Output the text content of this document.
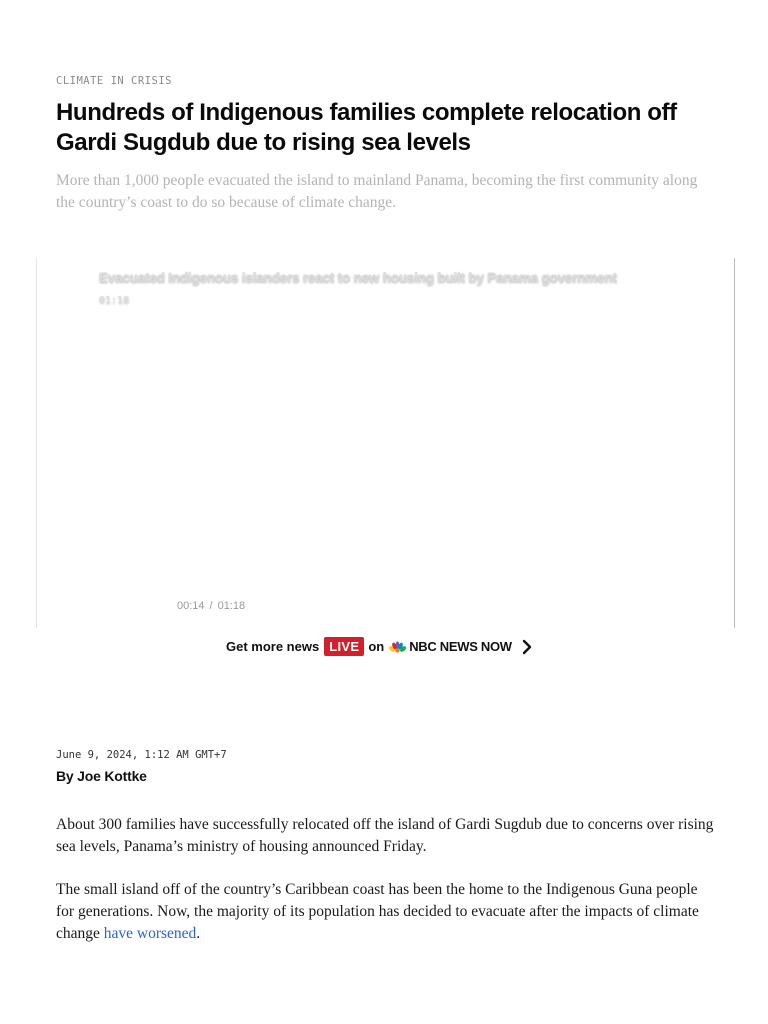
CLIMATE IN CRISIS
Hundreds of Indigenous families complete relocation off Gardi Sugdub due to rising sea levels

More than 1,000 people evacuated the island to mainland Panama, becoming the first community along the country’s coast to do so because of climate change.

Evacuated Indigenous islanders react to new housing built by Panama government
01:18
00:14 / 01:18
Get more news LIVE on NBC NEWS NOW
June 9, 2024, 1:12 AM GMT+7
By Joe Kottke

About 300 families have successfully relocated off the island of Gardi Sugdub due to concerns over rising sea levels, Panama’s ministry of housing announced Friday.

The small island off of the country’s Caribbean coast has been the home to the Indigenous Guna people for generations. Now, the majority of its population has decided to evacuate after the impacts of climate change have worsened.
